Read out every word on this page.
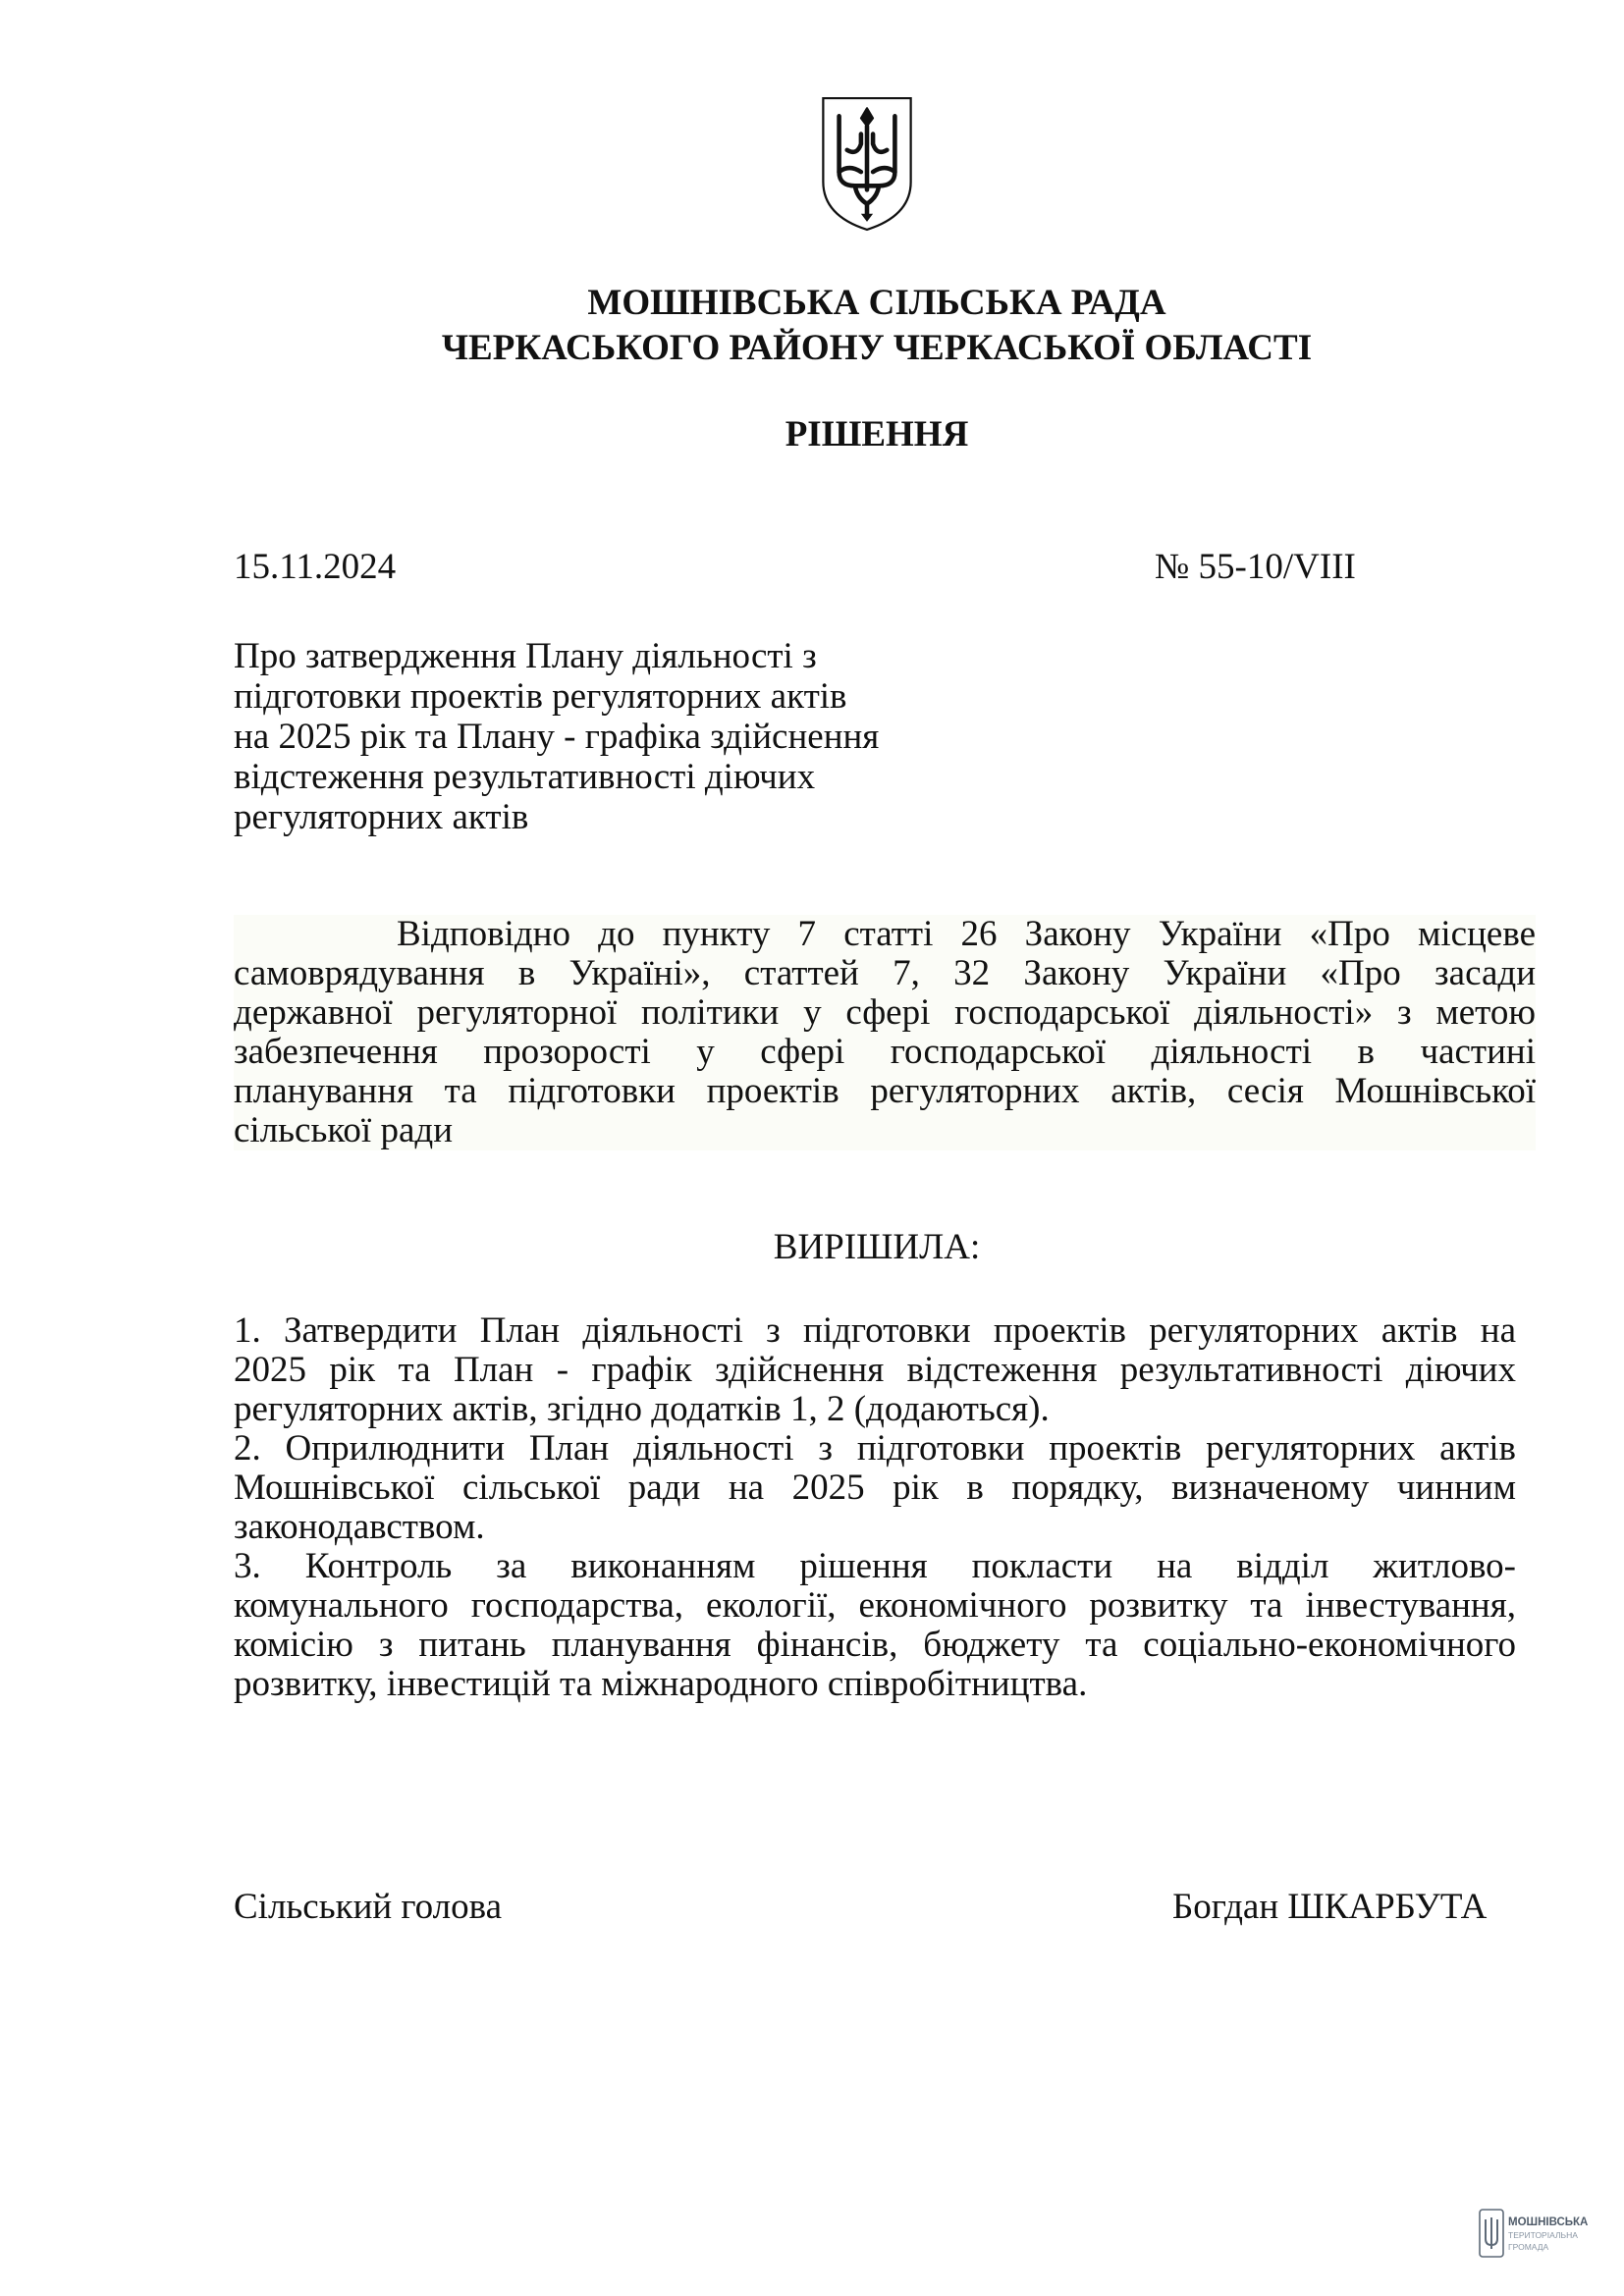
МОШНІВСЬКА СІЛЬСЬКА РАДА
ЧЕРКАСЬКОГО РАЙОНУ ЧЕРКАСЬКОЇ ОБЛАСТІ
РІШЕННЯ
15.11.2024	№ 55-10/VIII
Про затвердження Плану діяльності з
підготовки проектів регуляторних актів
на 2025 рік та Плану - графіка здійснення
відстеження результативності діючих
регуляторних актів
Відповідно до пункту 7 статті 26 Закону України «Про місцеве
самоврядування в Україні», статтей 7, 32 Закону України «Про засади
державної регуляторної політики у сфері господарської діяльності» з метою
забезпечення прозорості у сфері господарської діяльності в частині
планування та підготовки проектів регуляторних актів, сесія Мошнівської
сільської ради
ВИРІШИЛА:
1. Затвердити План діяльності з підготовки проектів регуляторних актів на
2025 рік та План - графік здійснення відстеження результативності діючих
регуляторних актів, згідно додатків 1, 2 (додаються).
2. Оприлюднити План діяльності з підготовки проектів регуляторних актів
Мошнівської сільської ради на 2025 рік в порядку, визначеному чинним
законодавством.
3. Контроль за виконанням рішення покласти на відділ житлово-
комунального господарства, екології, економічного розвитку та інвестування,
комісію з питань планування фінансів, бюджету та соціально-економічного
розвитку, інвестицій та міжнародного співробітництва.
Сільський голова	Богдан ШКАРБУТА
МОШНІВСЬКА
ТЕРИТОРІАЛЬНА
ГРОМАДА
